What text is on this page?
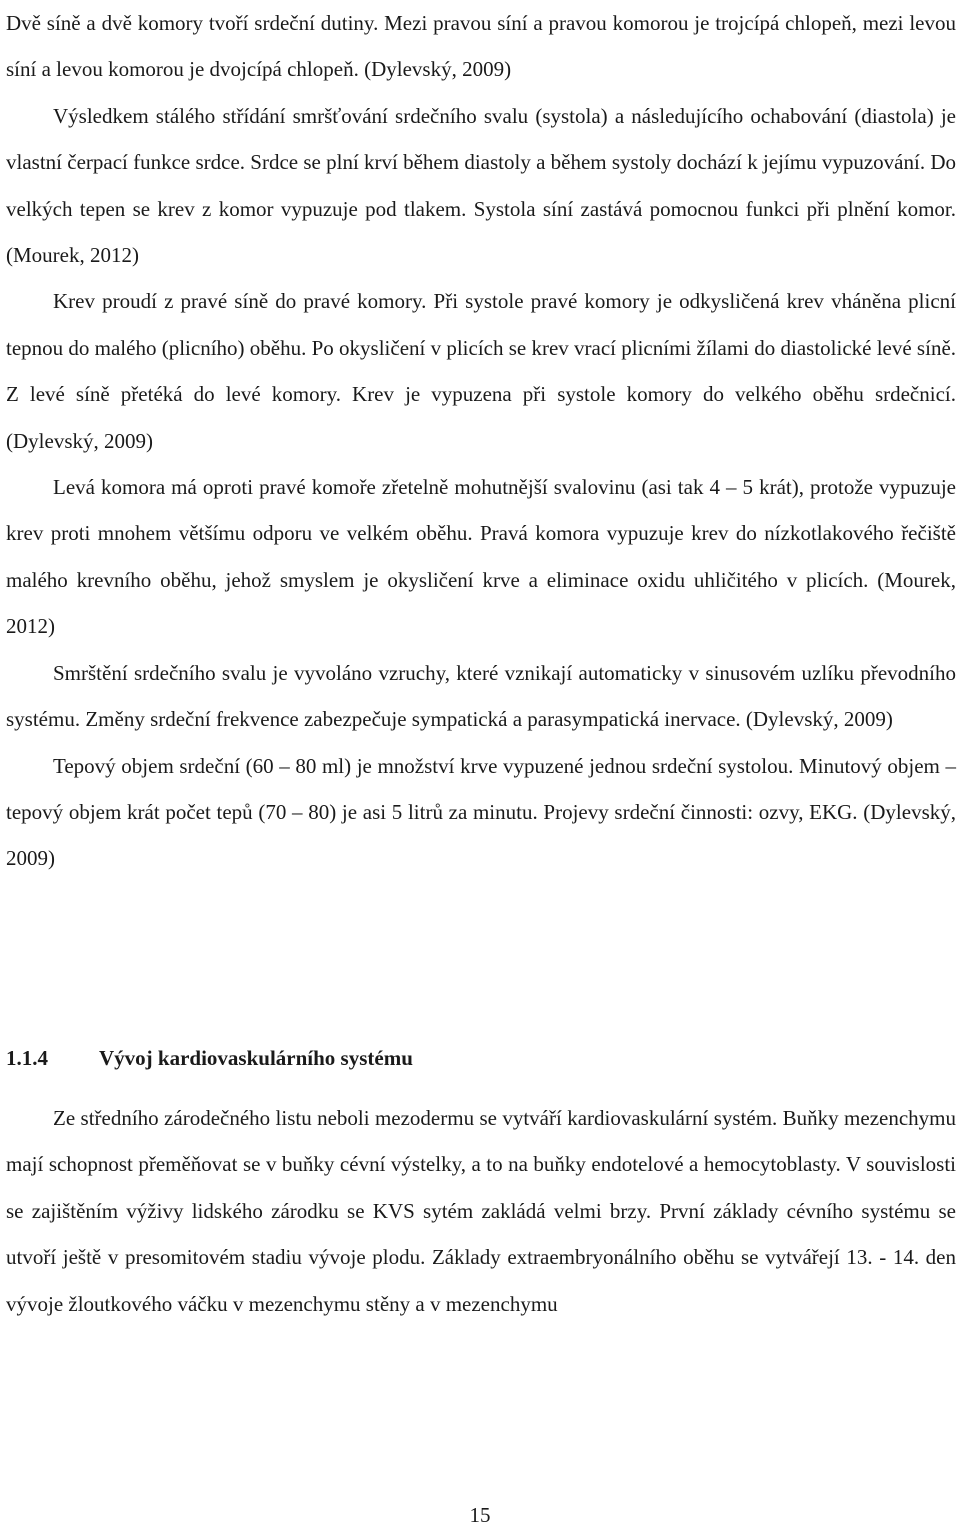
Dvě síně a dvě komory tvoří srdeční dutiny. Mezi pravou síní a pravou komorou je trojcípá chlopeň, mezi levou síní a levou komorou je dvojcípá chlopeň. (Dylevský, 2009)

Výsledkem stálého střídání smršťování srdečního svalu (systola) a následujícího ochabování (diastola) je vlastní čerpací funkce srdce. Srdce se plní krví během diastoly a během systoly dochází k jejímu vypuzování. Do velkých tepen se krev z komor vypuzuje pod tlakem. Systola síní zastává pomocnou funkci při plnění komor. (Mourek, 2012)

Krev proudí z pravé síně do pravé komory. Při systole pravé komory je odkysličená krev vháněna plicní tepnou do malého (plicního) oběhu. Po okysličení v plicích se krev vrací plicními žílami do diastolické levé síně. Z levé síně přetéká do levé komory. Krev je vypuzena při systole komory do velkého oběhu srdečnicí. (Dylevský, 2009)

Levá komora má oproti pravé komoře zřetelně mohutnější svalovinu (asi tak 4 – 5 krát), protože vypuzuje krev proti mnohem většímu odporu ve velkém oběhu. Pravá komora vypuzuje krev do nízkotlakového řečiště malého krevního oběhu, jehož smyslem je okysličení krve a eliminace oxidu uhličitého v plicích. (Mourek, 2012)

Smrštění srdečního svalu je vyvoláno vzruchy, které vznikají automaticky v sinusovém uzlíku převodního systému. Změny srdeční frekvence zabezpečuje sympatická a parasympatická inervace. (Dylevský, 2009)

Tepový objem srdeční (60 – 80 ml) je množství krve vypuzené jednou srdeční systolou. Minutový objem – tepový objem krát počet tepů (70 – 80) je asi 5 litrů za minutu. Projevy srdeční činnosti: ozvy, EKG. (Dylevský, 2009)

1.1.4 Vývoj kardiovaskulárního systému

Ze středního zárodečného listu neboli mezodermu se vytváří kardiovaskulární systém. Buňky mezenchymu mají schopnost přeměňovat se v buňky cévní výstelky, a to na buňky endotelové a hemocytoblasty. V souvislosti se zajištěním výživy lidského zárodku se KVS sytém zakládá velmi brzy. První základy cévního systému se utvoří ještě v presomitovém stadiu vývoje plodu. Základy extraembryonálního oběhu se vytvářejí 13. - 14. den vývoje žloutkového váčku v mezenchymu stěny a v mezenchymu

15
